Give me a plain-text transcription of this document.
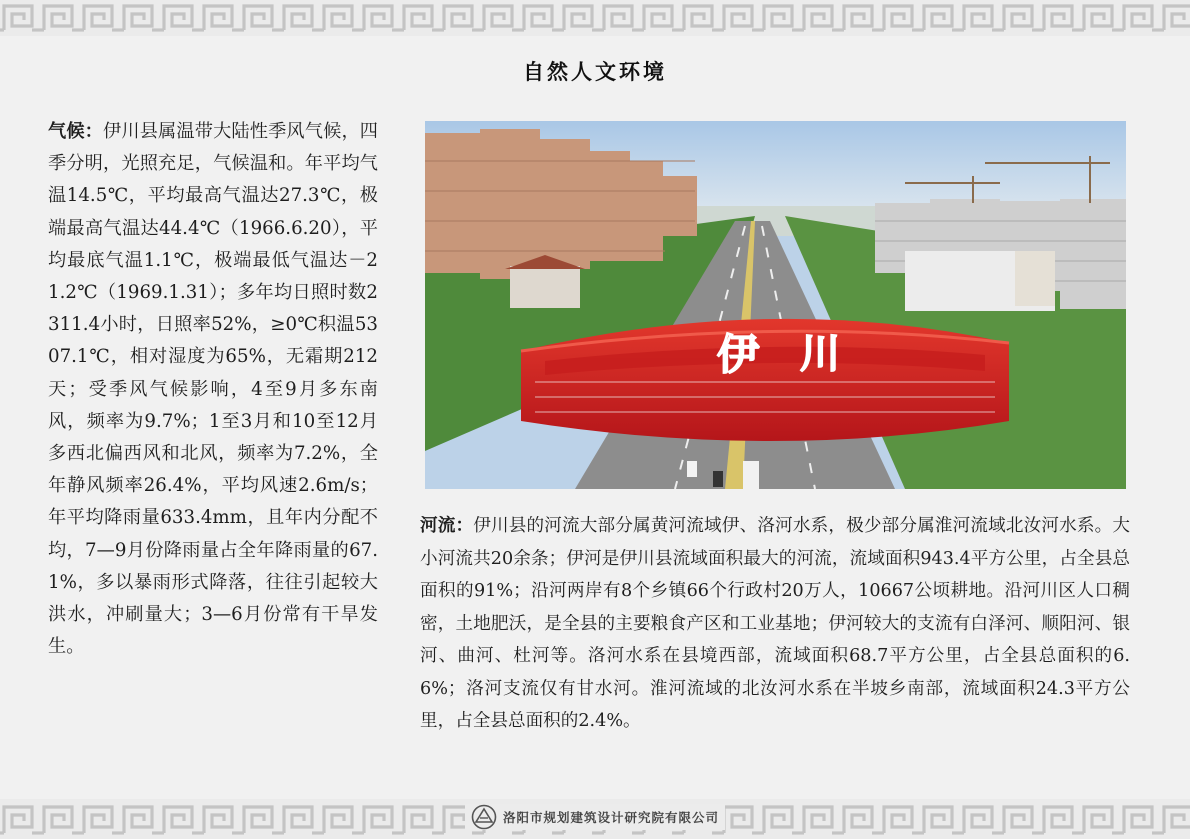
自然人文环境
气候：伊川县属温带大陆性季风气候，四季分明，光照充足，气候温和。年平均气温14.5℃，平均最高气温达27.3℃，极端最高气温达44.4℃（1966.6.20），平均最底气温1.1℃，极端最低气温达－21.2℃（1969.1.31）；多年均日照时数2311.4小时，日照率52%，≥0℃积温5307.1℃，相对湿度为65%，无霜期212天；受季风气候影响，4至9月多东南风，频率为9.7%；1至3月和10至12月多西北偏西风和北风，频率为7.2%，全年静风频率26.4%，平均风速2.6m/s；年平均降雨量633.4mm，且年内分配不均，7—9月份降雨量占全年降雨量的67.1%，多以暴雨形式降落，往往引起较大洪水，冲刷量大；3—6月份常有干旱发生。
伊 川
河流：伊川县的河流大部分属黄河流域伊、洛河水系，极少部分属淮河流域北汝河水系。大小河流共20余条；伊河是伊川县流域面积最大的河流，流域面积943.4平方公里，占全县总面积的91%；沿河两岸有8个乡镇66个行政村20万人，10667公顷耕地。沿河川区人口稠密，土地肥沃，是全县的主要粮食产区和工业基地；伊河较大的支流有白泽河、顺阳河、银河、曲河、杜河等。洛河水系在县境西部，流域面积68.7平方公里，占全县总面积的6.6%；洛河支流仅有甘水河。淮河流域的北汝河水系在半坡乡南部，流域面积24.3平方公里，占全县总面积的2.4%。
洛阳市规划建筑设计研究院有限公司
